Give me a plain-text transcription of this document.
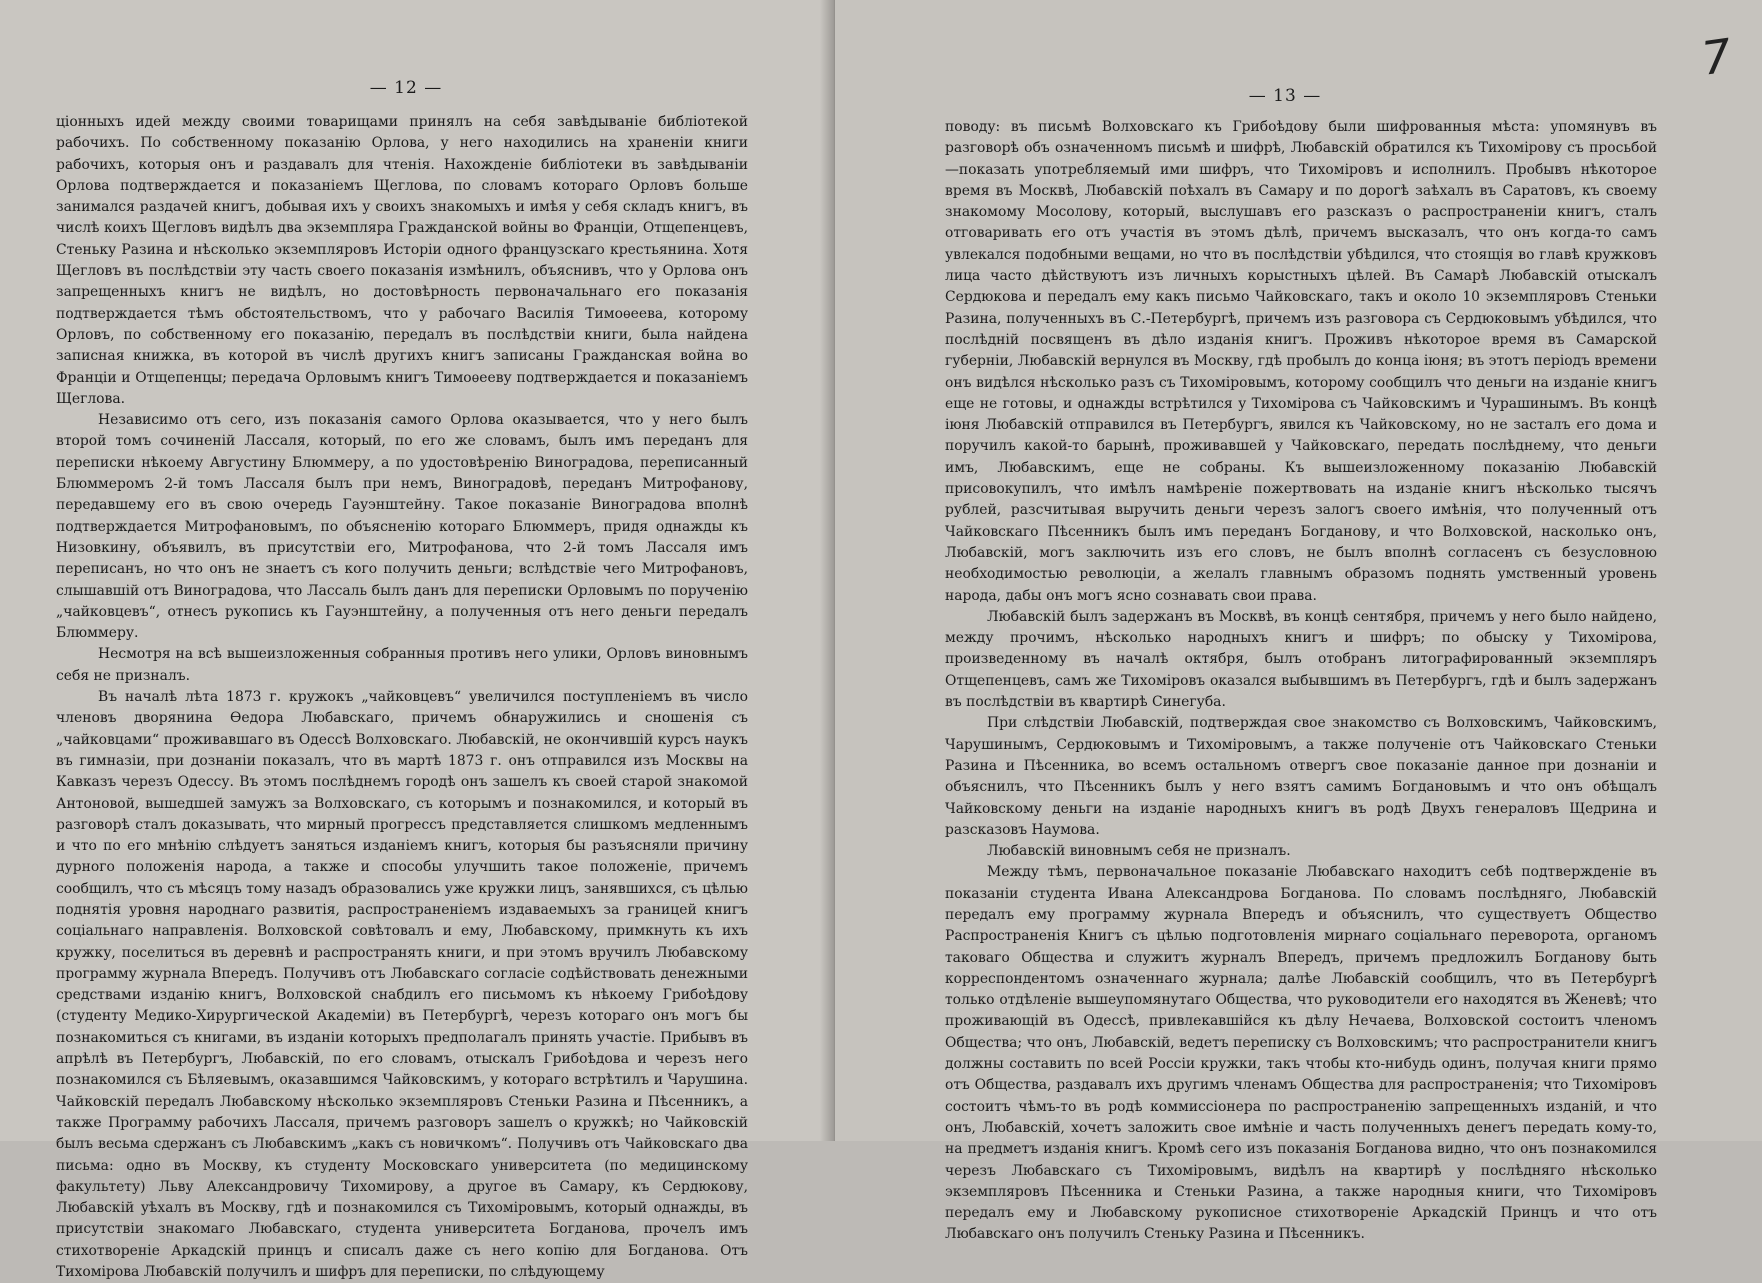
— 12 —

ціонныхъ идей между своими товарищами принялъ на себя завѣдываніе библіотекой рабочихъ. По собственному показанію Орлова, у него находились на храненіи книги рабочихъ, которыя онъ и раздавалъ для чтенія. Нахожденіе библіотеки въ завѣдываніи Орлова подтверждается и показаніемъ Щеглова, по словамъ котораго Орловъ больше занимался раздачей книгъ, добывая ихъ у своихъ знакомыхъ и имѣя у себя складъ книгъ, въ числѣ коихъ Щегловъ видѣлъ два экземпляра Гражданской войны во Франціи, Отщепенцевъ, Стеньку Разина и нѣсколько экземпляровъ Исторіи одного французскаго крестьянина. Хотя Щегловъ въ послѣдствіи эту часть своего показанія измѣнилъ, объяснивъ, что у Орлова онъ запрещенныхъ книгъ не видѣлъ, но достовѣрность первоначальнаго его показанія подтверждается тѣмъ обстоятельствомъ, что у рабочаго Василія Тимоѳеева, которому Орловъ, по собственному его показанію, передалъ въ послѣдствіи книги, была найдена записная книжка, въ которой въ числѣ другихъ книгъ записаны Гражданская война во Франціи и Отщепенцы; передача Орловымъ книгъ Тимоѳееву подтверждается и показаніемъ Щеглова.

Независимо отъ сего, изъ показанія самого Орлова оказывается, что у него былъ второй томъ сочиненій Лассаля, который, по его же словамъ, былъ имъ переданъ для переписки нѣкоему Августину Блюммеру, а по удостовѣренію Виноградова, переписанный Блюммеромъ 2-й томъ Лассаля былъ при немъ, Виноградовѣ, переданъ Митрофанову, передавшему его въ свою очередь Гауэнштейну. Такое показаніе Виноградова вполнѣ подтверждается Митрофановымъ, по объясненію котораго Блюммеръ, придя однажды къ Низовкину, объявилъ, въ присутствіи его, Митрофанова, что 2-й томъ Лассаля имъ переписанъ, но что онъ не знаетъ съ кого получить деньги; вслѣдствіе чего Митрофановъ, слышавшій отъ Виноградова, что Лассаль былъ данъ для переписки Орловымъ по порученію „чайковцевъ“, отнесъ рукопись къ Гауэнштейну, а полученныя отъ него деньги передалъ Блюммеру.

Несмотря на всѣ вышеизложенныя собранныя противъ него улики, Орловъ виновнымъ себя не призналъ.

Въ началѣ лѣта 1873 г. кружокъ „чайковцевъ“ увеличился поступленіемъ въ число членовъ дворянина Ѳедора Любавскаго, причемъ обнаружились и сношенія съ „чайковцами“ проживавшаго въ Одессѣ Волховскаго. Любавскій, не окончившій курсъ наукъ въ гимназіи, при дознаніи показалъ, что въ мартѣ 1873 г. онъ отправился изъ Москвы на Кавказъ черезъ Одессу. Въ этомъ послѣднемъ городѣ онъ зашелъ къ своей старой знакомой Антоновой, вышедшей замужъ за Волховскаго, съ которымъ и познакомился, и который въ разговорѣ сталъ доказывать, что мирный прогрессъ представляется слишкомъ медленнымъ и что по его мнѣнію слѣдуетъ заняться изданіемъ книгъ, которыя бы разъясняли причину дурного положенія народа, а также и способы улучшить такое положеніе, причемъ сообщилъ, что съ мѣсяцъ тому назадъ образовались уже кружки лицъ, занявшихся, съ цѣлью поднятія уровня народнаго развитія, распространеніемъ издаваемыхъ за границей книгъ соціальнаго направленія. Волховской совѣтовалъ и ему, Любавскому, примкнуть къ ихъ кружку, поселиться въ деревнѣ и распространять книги, и при этомъ вручилъ Любавскому программу журнала Впередъ. Получивъ отъ Любавскаго согласіе содѣйствовать денежными средствами изданію книгъ, Волховской снабдилъ его письмомъ къ нѣкоему Грибоѣдову (студенту Медико-Хирургической Академіи) въ Петербургѣ, черезъ котораго онъ могъ бы познакомиться съ книгами, въ изданіи которыхъ предполагалъ принять участіе. Прибывъ въ апрѣлѣ въ Петербургъ, Любавскій, по его словамъ, отыскалъ Грибоѣдова и черезъ него познакомился съ Бѣляевымъ, оказавшимся Чайковскимъ, у котораго встрѣтилъ и Чарушина. Чайковскій передалъ Любавскому нѣсколько экземпляровъ Стеньки Разина и Пѣсенникъ, а также Программу рабочихъ Лассаля, причемъ разговоръ зашелъ о кружкѣ; но Чайковскій былъ весьма сдержанъ съ Любавскимъ „какъ съ новичкомъ“. Получивъ отъ Чайковскаго два письма: одно въ Москву, къ студенту Московскаго университета (по медицинскому факультету) Льву Александровичу Тихомирову, а другое въ Самару, къ Сердюкову, Любавскій уѣхалъ въ Москву, гдѣ и познакомился съ Тихоміровымъ, который однажды, въ присутствіи знакомаго Любавскаго, студента университета Богданова, прочелъ имъ стихотвореніе Аркадскій принцъ и списалъ даже съ него копію для Богданова. Отъ Тихомірова Любавскій получилъ и шифръ для переписки, по слѣдующему

поводу: въ письмѣ Волховскаго къ Грибоѣдову были шифрованныя мѣста: упомянувъ въ разговорѣ объ означенномъ письмѣ и шифрѣ, Любавскій обратился къ Тихомірову съ просьбой—показать употребляемый ими шифръ, что Тихоміровъ и исполнилъ. Пробывъ нѣкоторое время въ Москвѣ, Любавскій поѣхалъ въ Самару и по дорогѣ заѣхалъ въ Саратовъ, къ своему знакомому Мосолову, который, выслушавъ его разсказъ о распространеніи книгъ, сталъ отговаривать его отъ участія въ этомъ дѣлѣ, причемъ высказалъ, что онъ когда-то самъ увлекался подобными вещами, но что въ послѣдствіи убѣдился, что стоящія во главѣ кружковъ лица часто дѣйствуютъ изъ личныхъ корыстныхъ цѣлей. Въ Самарѣ Любавскій отыскалъ Сердюкова и передалъ ему какъ письмо Чайковскаго, такъ и около 10 экземпляровъ Стеньки Разина, полученныхъ въ С.-Петербургѣ, причемъ изъ разговора съ Сердюковымъ убѣдился, что послѣдній посвященъ въ дѣло изданія книгъ. Проживъ нѣкоторое время въ Самарской губерніи, Любавскій вернулся въ Москву, гдѣ пробылъ до конца іюня; въ этотъ періодъ времени онъ видѣлся нѣсколько разъ съ Тихоміровымъ, которому сообщилъ что деньги на изданіе книгъ еще не готовы, и однажды встрѣтился у Тихомірова съ Чайковскимъ и Чурашинымъ. Въ концѣ іюня Любавскій отправился въ Петербургъ, явился къ Чайковскому, но не засталъ его дома и поручилъ какой-то барынѣ, проживавшей у Чайковскаго, передать послѣднему, что деньги имъ, Любавскимъ, еще не собраны. Къ вышеизложенному показанію Любавскій присовокупилъ, что имѣлъ намѣреніе пожертвовать на изданіе книгъ нѣсколько тысячъ рублей, разсчитывая выручить деньги черезъ залогъ своего имѣнія, что полученный отъ Чайковскаго Пѣсенникъ былъ имъ переданъ Богданову, и что Волховской, насколько онъ, Любавскій, могъ заключить изъ его словъ, не былъ вполнѣ согласенъ съ безусловною необходимостью революціи, а желалъ главнымъ образомъ поднять умственный уровень народа, дабы онъ могъ ясно сознавать свои права.

Любавскій былъ задержанъ въ Москвѣ, въ концѣ сентября, причемъ у него было найдено, между прочимъ, нѣсколько народныхъ книгъ и шифръ; по обыску у Тихомірова, произведенному въ началѣ октября, былъ отобранъ литографированный экземпляръ Отщепенцевъ, самъ же Тихоміровъ оказался выбывшимъ въ Петербургъ, гдѣ и былъ задержанъ въ послѣдствіи въ квартирѣ Синегуба.

При слѣдствіи Любавскій, подтверждая свое знакомство съ Волховскимъ, Чайковскимъ, Чарушинымъ, Сердюковымъ и Тихоміровымъ, а также полученіе отъ Чайковскаго Стеньки Разина и Пѣсенника, во всемъ остальномъ отвергъ свое показаніе данное при дознаніи и объяснилъ, что Пѣсенникъ былъ у него взятъ самимъ Богдановымъ и что онъ обѣщалъ Чайковскому деньги на изданіе народныхъ книгъ въ родѣ Двухъ генераловъ Щедрина и разсказовъ Наумова.

Любавскій виновнымъ себя не призналъ.

Между тѣмъ, первоначальное показаніе Любавскаго находитъ себѣ подтвержденіе въ показаніи студента Ивана Александрова Богданова. По словамъ послѣдняго, Любавскій передалъ ему программу журнала Впередъ и объяснилъ, что существуетъ Общество Распространенія Книгъ съ цѣлью подготовленія мирнаго соціальнаго переворота, органомъ таковаго Общества и служитъ журналъ Впередъ, причемъ предложилъ Богданову быть корреспондентомъ означеннаго журнала; далѣе Любавскій сообщилъ, что въ Петербургѣ только отдѣленіе вышеупомянутаго Общества, что руководители его находятся въ Женевѣ; что проживающій въ Одессѣ, привлекавшійся къ дѣлу Нечаева, Волховской состоитъ членомъ Общества; что онъ, Любавскій, ведетъ переписку съ Волховскимъ; что распространители книгъ должны составить по всей Россіи кружки, такъ чтобы кто-нибудь одинъ, получая книги прямо отъ Общества, раздавалъ ихъ другимъ членамъ Общества для распространенія; что Тихоміровъ состоитъ чѣмъ-то въ родѣ коммиссіонера по распространенію запрещенныхъ изданій, и что онъ, Любавскій, хочетъ заложить свое имѣніе и часть полученныхъ денегъ передать кому-то, на предметъ изданія книгъ. Кромѣ сего изъ показанія Богданова видно, что онъ познакомился черезъ Любавскаго съ Тихоміровымъ, видѣлъ на квартирѣ у послѣдняго нѣсколько экземпляровъ Пѣсенника и Стеньки Разина, а также народныя книги, что Тихоміровъ передалъ ему и Любавскому рукописное стихотвореніе Аркадскій Принцъ и что отъ Любавскаго онъ получилъ Стеньку Разина и Пѣсенникъ.

— 13 —
7
